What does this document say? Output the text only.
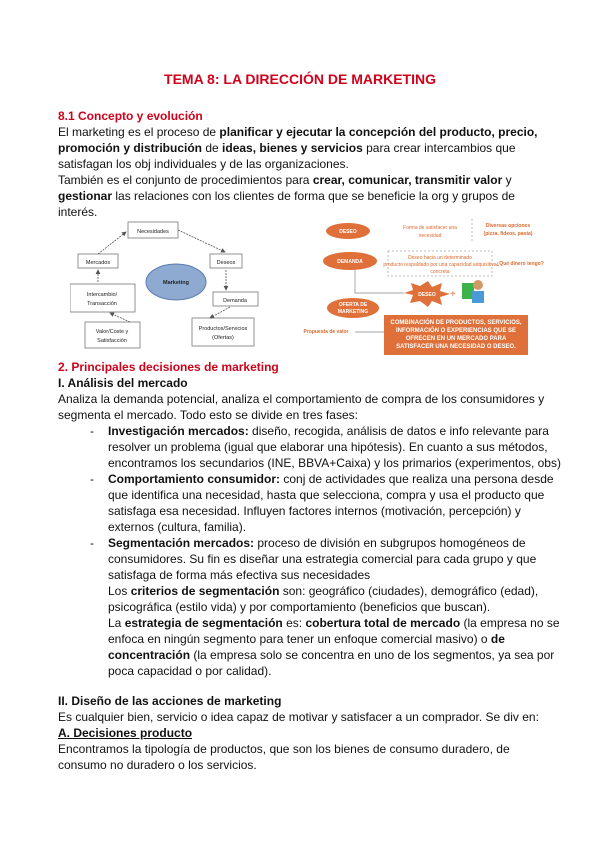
TEMA 8: LA DIRECCIÓN DE MARKETING
8.1 Concepto y evolución
El marketing es el proceso de planificar y ejecutar la concepción del producto, precio,
promoción y distribución de ideas, bienes y servicios para crear intercambios que
satisfagan los obj individuales y de las organizaciones.
También es el conjunto de procedimientos para crear, comunicar, transmitir valor y
gestionar las relaciones con los clientes de forma que se beneficie la org y grupos de
interés.
Necesidades
Mercados	Deseos
Marketing
Intercambio/
Transacción	Demanda
Valor/Coste y
Satisfacción
Productos/Servicios
(Ofertas)
+
DESEO
DEMANDA
OFERTA DE
MARKETING
DESEO
COMBINACIÓN DE PRODUCTOS, SERVICIOS,
INFORMACIÓN O EXPERIENCIAS QUE SE
OFRECEN EN UN MERCADO PARA
SATISFACER UNA NECESIDAD O DESEO.
Forma de satisfacer una
necesidad
Diversas opciones
(pizza, fideos, pasta)
Deseo hacia un determinado
producto respaldado por una capacidad adquisitiva
concreta
¿Qué dinero tengo?
Propuesta de valor
2. Principales decisiones de marketing
I. Análisis del mercado
Analiza la demanda potencial, analiza el comportamiento de compra de los consumidores y
segmenta el mercado. Todo esto se divide en tres fases:
- Investigación mercados: diseño, recogida, análisis de datos e info relevante para
resolver un problema (igual que elaborar una hipótesis). En cuanto a sus métodos,
encontramos los secundarios (INE, BBVA+Caixa) y los primarios (experimentos, obs)
- Comportamiento consumidor: conj de actividades que realiza una persona desde
que identifica una necesidad, hasta que selecciona, compra y usa el producto que
satisfaga esa necesidad. Influyen factores internos (motivación, percepción) y
externos (cultura, familia).
- Segmentación mercados: proceso de división en subgrupos homogéneos de
consumidores. Su fin es diseñar una estrategia comercial para cada grupo y que
satisfaga de forma más efectiva sus necesidades
Los criterios de segmentación son: geográfico (ciudades), demográfico (edad),
psicográfica (estilo vida) y por comportamiento (beneficios que buscan).
La estrategia de segmentación es: cobertura total de mercado (la empresa no se
enfoca en ningún segmento para tener un enfoque comercial masivo) o de
concentración (la empresa solo se concentra en uno de los segmentos, ya sea por
poca capacidad o por calidad).
II. Diseño de las acciones de marketing
Es cualquier bien, servicio o idea capaz de motivar y satisfacer a un comprador. Se div en:
A. Decisiones producto
Encontramos la tipología de productos, que son los bienes de consumo duradero, de
consumo no duradero o los servicios.
